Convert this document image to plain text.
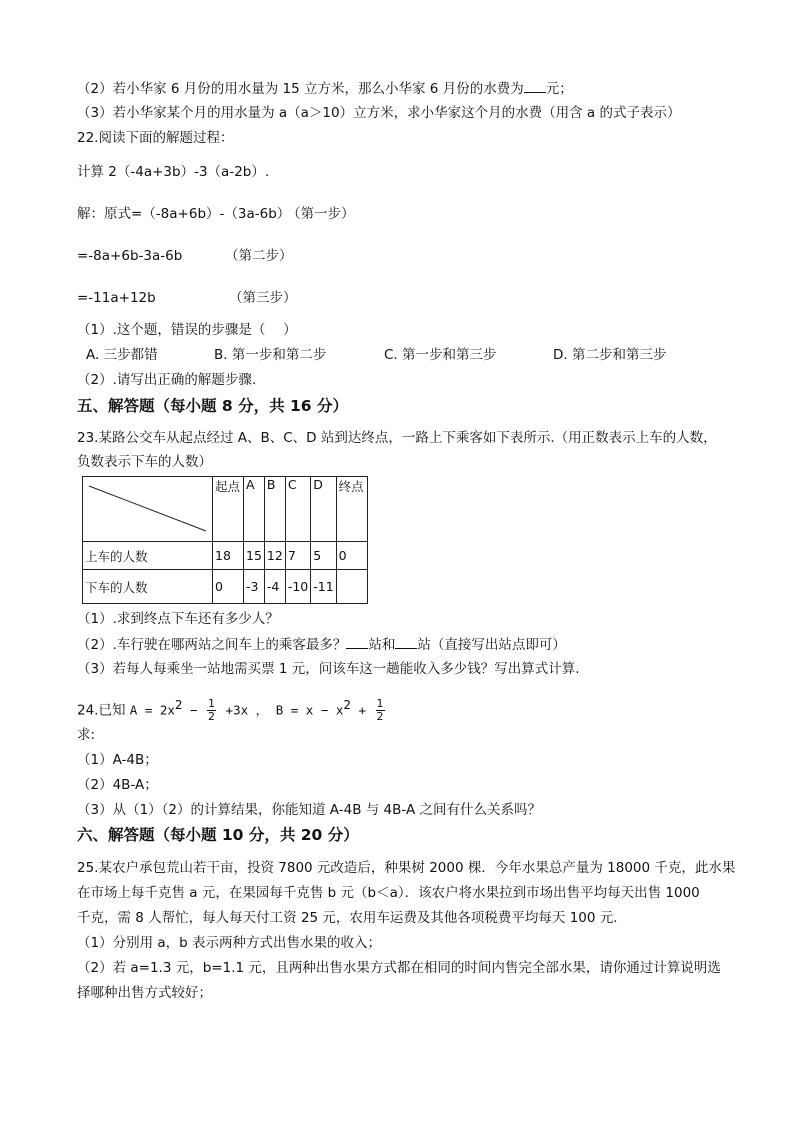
（2）若小华家 6 月份的用水量为 15 立方米，那么小华家 6 月份的水费为 元；
（3）若小华家某个月的用水量为 a（a＞10）立方米，求小华家这个月的水费（用含 a 的式子表示）
22.阅读下面的解题过程：
计算 2（-4a+3b）-3（a-2b）.
解：原式=（-8a+6b）-（3a-6b）
（第一步）
=-8a+6b-3a-6b	（第二步）
=-11a+12b	（第三步）
（1）.这个题，错误的步骤是（　 ）
A. 三步都错	B. 第一步和第二步	C. 第一步和第三步	D. 第二步和第三步
（2）.请写出正确的解题步骤.
五、解答题（每小题 8 分，共 16 分）
23.某路公交车从起点经过 A、B、C、D 站到达终点，一路上下乘客如下表所示.（用正数表示上车的人数，
负数表示下车的人数）
	起点	A	B	C	D	终点
上车的人数	18	15	12	7	5	0
下车的人数	0	-3	-4	-10	-11	
（1）.求到终点下车还有多少人？
（2）.车行驶在哪两站之间车上的乘客最多？ 站和 站（直接写出站点即可）
（3）若每人每乘坐一站地需买票 1 元，问该车这一趟能收入多少钱？写出算式计算.
24.已知 $A = 2x^2 - \frac{1}{2} +3x$ ， $B = x - x^2 + \frac{1}{2}$
求:
（1）A-4B；
（2）4B-A；
（3）从（1）（2）的计算结果，你能知道 A-4B 与 4B-A 之间有什么关系吗？
六、解答题（每小题 10 分，共 20 分）
25.某农户承包荒山若干亩，投资 7800 元改造后，种果树 2000 棵．今年水果总产量为 18000 千克，此水果
在市场上每千克售 a 元，在果园每千克售 b 元（b＜a）．该农户将水果拉到市场出售平均每天出售 1000
千克，需 8 人帮忙，每人每天付工资 25 元，农用车运费及其他各项税费平均每天 100 元．
（1）分别用 a，b 表示两种方式出售水果的收入；
（2）若 a=1.3 元，b=1.1 元，且两种出售水果方式都在相同的时间内售完全部水果，请你通过计算说明选
择哪种出售方式较好；
